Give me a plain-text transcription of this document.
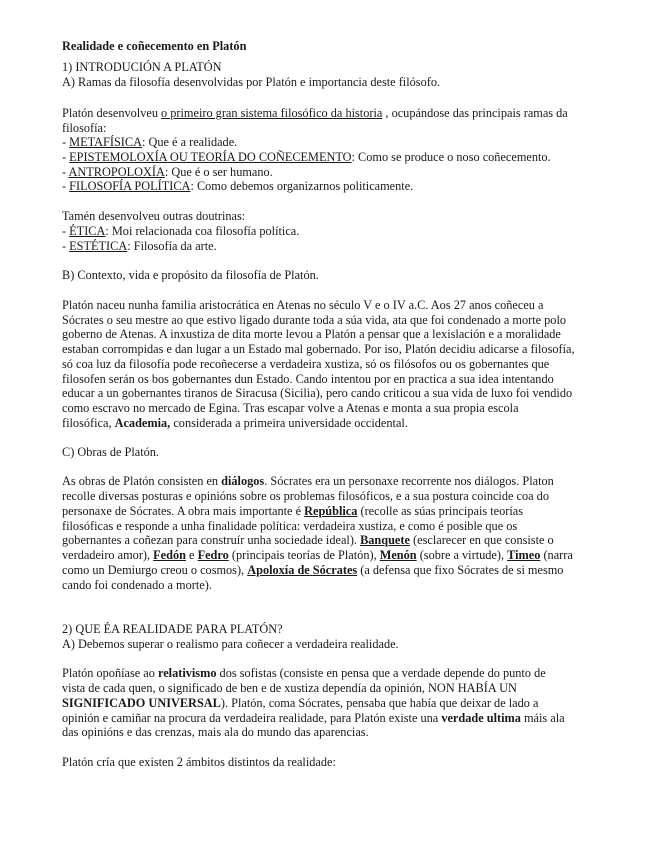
Realidade e coñecemento en Platón
1) INTRODUCIÓN A PLATÓN
A) Ramas da filosofía desenvolvidas por Platón e importancia deste filósofo.
Platón desenvolveu o primeiro gran sistema filosófico da historia , ocupándose das principais ramas da
filosofía:
- METAFÍSICA: Que é a realidade.
- EPISTEMOLOXÍA OU TEORÍA DO COÑECEMENTO: Como se produce o noso coñecemento.
- ANTROPOLOXÍA: Que é o ser humano.
- FILOSOFÍA POLÍTICA: Como debemos organizarnos politicamente.
Tamén desenvolveu outras doutrinas:
- ÉTICA: Moi relacionada coa filosofía política.
- ESTÉTICA: Filosofía da arte.
B) Contexto, vida e propósito da filosofía de Platón.
Platón naceu nunha familia aristocrática en Atenas no século V e o IV a.C. Aos 27 anos coñeceu a
Sócrates o seu mestre ao que estivo ligado durante toda a súa vida, ata que foi condenado a morte polo
goberno de Atenas. A inxustiza de dita morte levou a Platón a pensar que a lexislación e a moralidade
estaban corrompidas e dan lugar a un Estado mal gobernado. Por iso, Platón decidiu adicarse a filosofía,
só coa luz da filosofía pode recoñecerse a verdadeira xustiza, só os filósofos ou os gobernantes que
filosofen serán os bos gobernantes dun Estado. Cando intentou por en practica a sua idea intentando
educar a un gobernantes tiranos de Siracusa (Sicilia), pero cando criticou a sua vida de luxo foi vendido
como escravo no mercado de Egina. Tras escapar volve a Atenas e monta a sua propia escola
filosófica, Academia, considerada a primeira universidade occidental.
C) Obras de Platón.
As obras de Platón consisten en diálogos. Sócrates era un personaxe recorrente nos diálogos. Platon
recolle diversas posturas e opinións sobre os problemas filosóficos, e a sua postura coincide coa do
personaxe de Sócrates. A obra mais importante é República (recolle as súas principais teorías
filosóficas e responde a unha finalidade política: verdadeira xustiza, e como é posible que os
gobernantes a coñezan para construír unha sociedade ideal). Banquete (esclarecer en que consiste o
verdadeiro amor), Fedón e Fedro (principais teorías de Platón), Menón (sobre a virtude), Timeo (narra
como un Demiurgo creou o cosmos), Apoloxía de Sócrates (a defensa que fixo Sócrates de si mesmo
cando foi condenado a morte).
2) QUE ÉA REALIDADE PARA PLATÓN?
A) Debemos superar o realismo para coñecer a verdadeira realidade.
Platón opoñíase ao relativismo dos sofistas (consiste en pensa que a verdade depende do punto de
vista de cada quen, o significado de ben e de xustiza dependía da opinión, NON HABÍA UN
SIGNIFICADO UNIVERSAL). Platón, coma Sócrates, pensaba que había que deixar de lado a
opinión e camiñar na procura da verdadeira realidade, para Platón existe una verdade ultima máis ala
das opinións e das crenzas, mais ala do mundo das aparencias.
Platón cría que existen 2 ámbitos distintos da realidade:
